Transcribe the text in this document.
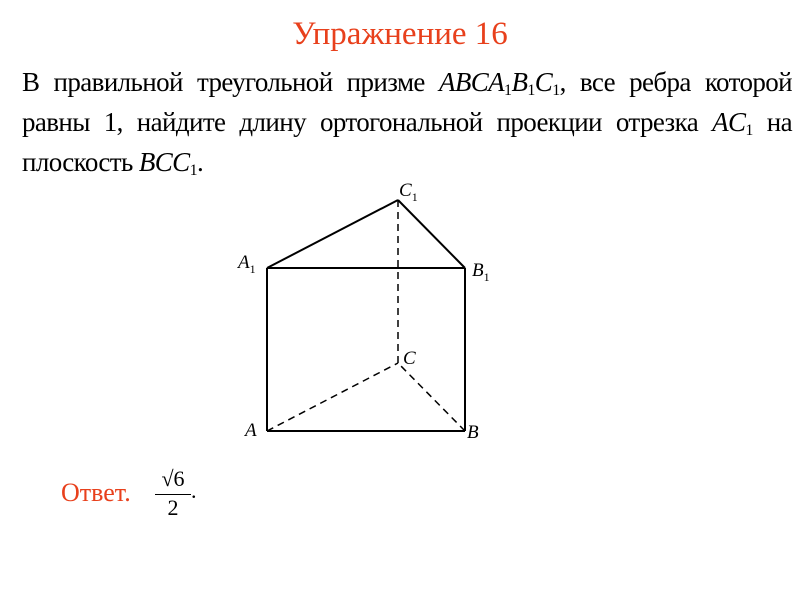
Упражнение 16
В правильной треугольной призме $ABCA_1B_1C_1$, все ребра которой равны 1, найдите длину ортогональной проекции отрезка $AC_1$ на плоскость $BCC_1$.
$C_1$
$A_1$	$B_1$
C
A	B
Ответ. $\frac{√6}{2}$ .
